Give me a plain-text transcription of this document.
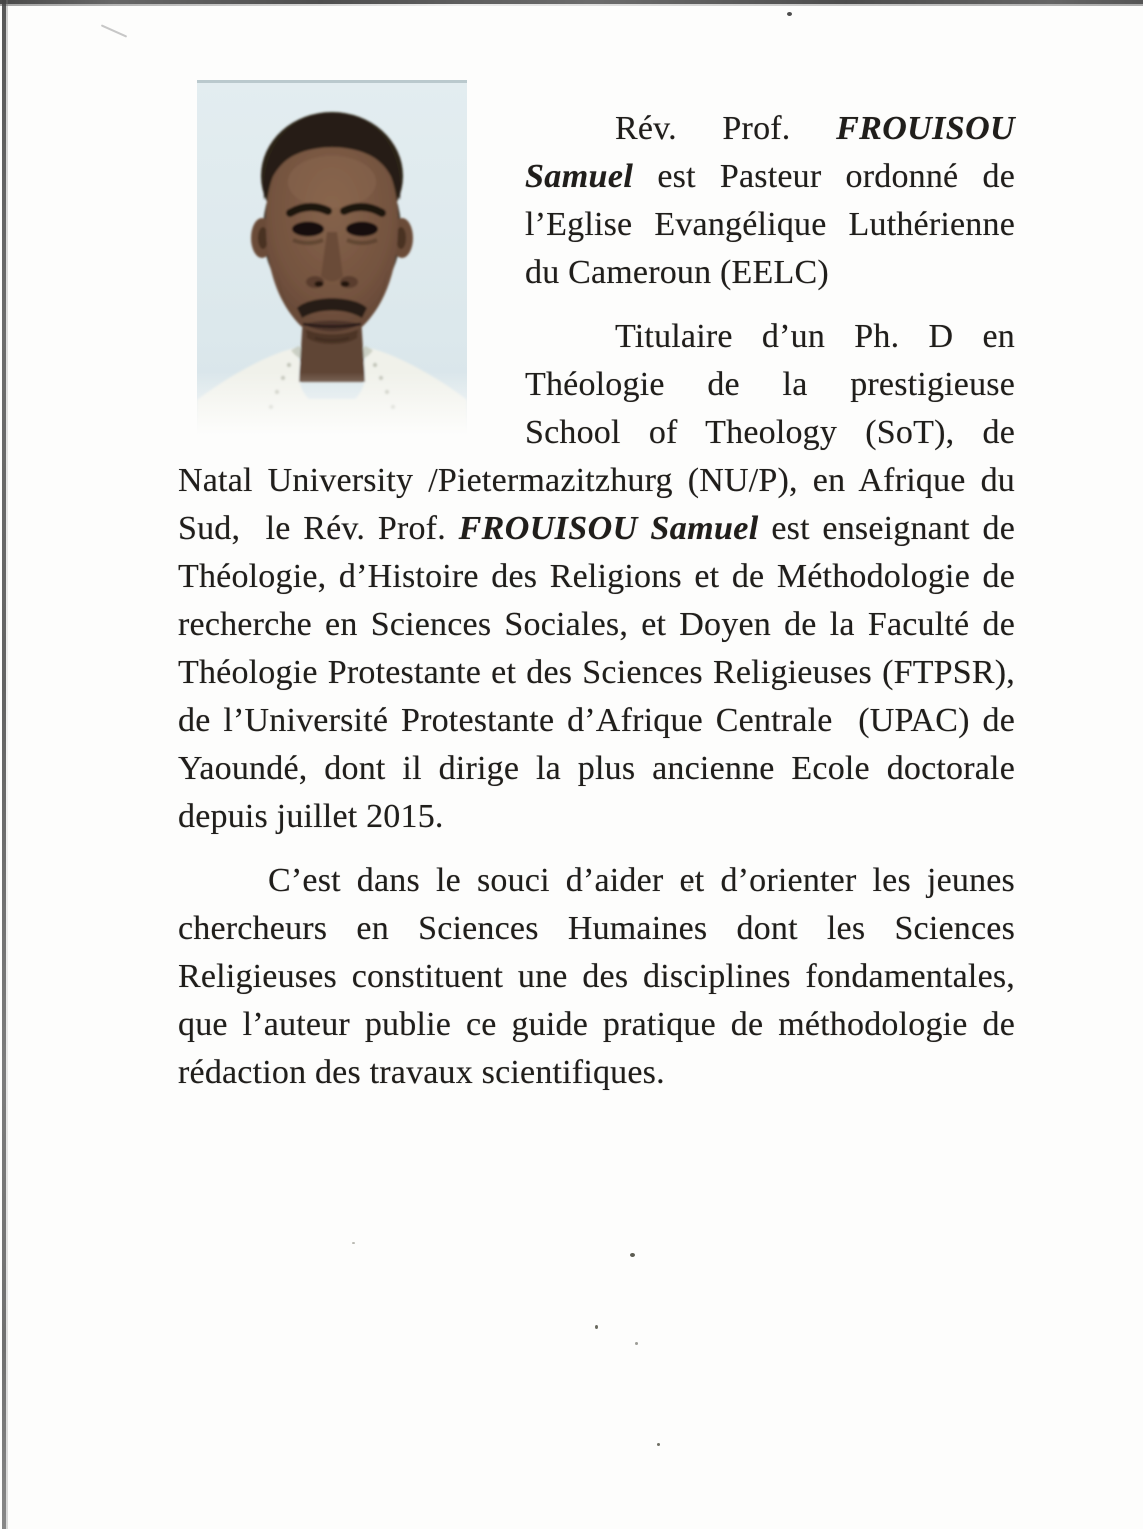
Rév. Prof. FROUISOU Samuel est Pasteur ordonné de l’Eglise Evangélique Luthérienne du Cameroun (EELC)

Titulaire d’un Ph. D en Théologie de la prestigieuse School of Theology (SoT), de Natal University /Pietermazitzhurg (NU/P), en Afrique du Sud,  le Rév. Prof. FROUISOU Samuel est enseignant de Théologie, d’Histoire des Religions et de Méthodologie de recherche en Sciences Sociales, et Doyen de la Faculté de Théologie Protestante et des Sciences Religieuses (FTPSR), de l’Université Protestante d’Afrique Centrale  (UPAC) de Yaoundé, dont il dirige la plus ancienne Ecole doctorale depuis juillet 2015.

C’est dans le souci d’aider et d’orienter les jeunes chercheurs en Sciences Humaines dont les Sciences Religieuses constituent une des disciplines fondamentales, que l’auteur publie ce guide pratique de méthodologie de rédaction des travaux scientifiques.
